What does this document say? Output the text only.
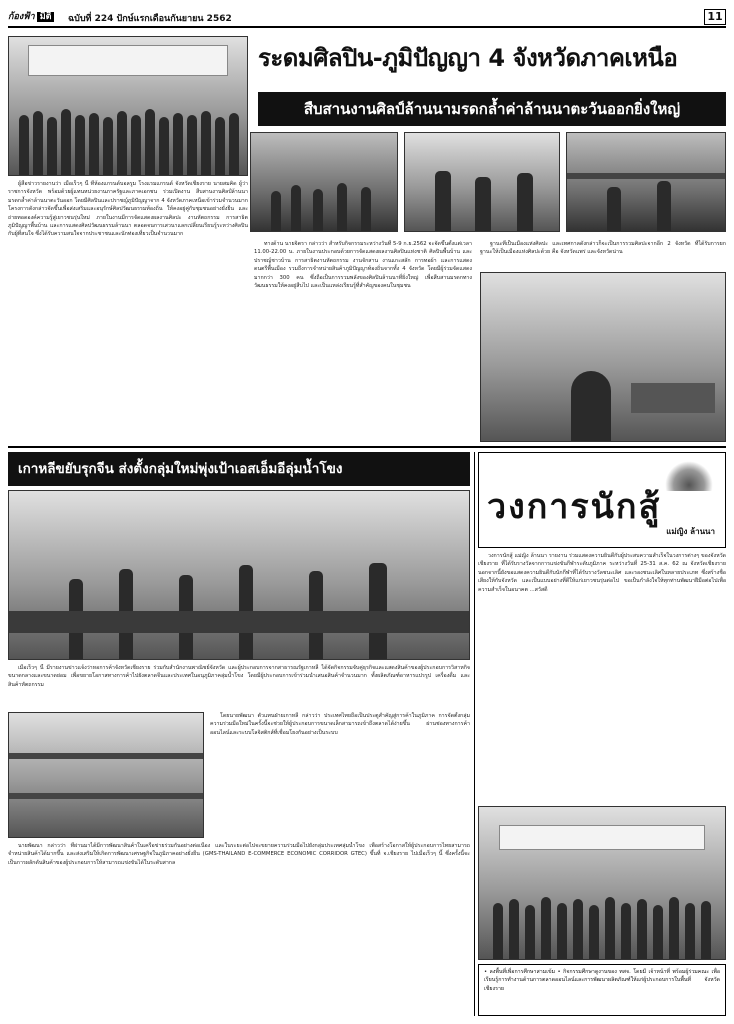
ก้องฟ้า มิติ	ฉบับที่ 224 ปักษ์แรกเดือนกันยายน 2562	11
ระดมศิลปิน-ภูมิปัญญา 4 จังหวัดภาคเหนือ
สืบสานงานศิลป์ล้านนามรดกล้ำค่าล้านนาตะวันออกยิ่งใหญ่

ผู้สื่อข่าวรายงานว่า เมื่อเร็วๆ นี้ ที่ห้องแกรนด์บอลรูม โรงแรมแกรนด์ จังหวัดเชียงราย นายสมคิด ผู้ว่าราชการจังหวัด พร้อมด้วยผู้แทนหน่วยงานภาครัฐและภาคเอกชน ร่วมเปิดงาน สืบสานงานศิลป์ล้านนา มรดกล้ำค่าล้านนาตะวันออก โดยมีศิลปินและปราชญ์ภูมิปัญญาจาก 4 จังหวัดภาคเหนือเข้าร่วมจำนวนมาก โครงการดังกล่าวจัดขึ้นเพื่อส่งเสริมและอนุรักษ์ศิลปวัฒนธรรมท้องถิ่น ให้คงอยู่คู่กับชุมชนอย่างยั่งยืน และถ่ายทอดองค์ความรู้สู่เยาวชนรุ่นใหม่ ภายในงานมีการจัดแสดงผลงานศิลปะ งานหัตถกรรม การสาธิตภูมิปัญญาพื้นบ้าน และการแสดงศิลปวัฒนธรรมล้านนา ตลอดจนการเสวนาแลกเปลี่ยนเรียนรู้ระหว่างศิลปินกับผู้ที่สนใจ ซึ่งได้รับความสนใจจากประชาชนและนักท่องเที่ยวเป็นจำนวนมาก

ทางด้าน นายจิตรา กล่าวว่า สำหรับกิจกรรมระหว่างวันที่ 5-9 ก.ย.2562 จะจัดขึ้นตั้งแต่เวลา 11.00-22.00 น. ภายในงานประกอบด้วยการจัดแสดงผลงานศิลปินแห่งชาติ ศิลปินพื้นบ้าน และปราชญ์ชาวบ้าน การสาธิตงานหัตถกรรม งานจักสาน งานแกะสลัก การทอผ้า และการแสดงดนตรีพื้นเมือง รวมถึงการจำหน่ายสินค้าภูมิปัญญาท้องถิ่นจากทั้ง 4 จังหวัด โดยมีผู้ร่วมจัดแสดงมากกว่า 300 คน ซึ่งถือเป็นการรวมพลังของศิลปินล้านนาที่ยิ่งใหญ่ เพื่อสืบสานมรดกทางวัฒนธรรมให้คงอยู่สืบไป และเป็นแหล่งเรียนรู้ที่สำคัญของคนในชุมชน

ฐานะที่เป็นเมืองแห่งศิลปะ และเทศกาลดังกล่าวก็จะเป็นการรวมศิลปะจากอีก 2 จังหวัด ที่ได้รับการยกฐานะให้เป็นเมืองแห่งศิลปะด้วย คือ จังหวัดแพร่ และจังหวัดน่าน

เกาหลีขยับรุกจีน ส่งตั้งกลุ่มใหม่พุ่งเป้าเอสเอ็มอีลุ่มน้ำโขง

เมื่อเร็วๆ นี้ มีรายงานข่าวแจ้งว่าหอการค้าจังหวัดเชียงราย ร่วมกับสำนักงานพาณิชย์จังหวัด และผู้ประกอบการจากสาธารณรัฐเกาหลี ได้จัดกิจกรรมจับคู่ธุรกิจและแสดงสินค้าของผู้ประกอบการวิสาหกิจขนาดกลางและขนาดย่อม เพื่อขยายโอกาสทางการค้าไปยังตลาดจีนและประเทศในอนุภูมิภาคลุ่มน้ำโขง โดยมีผู้ประกอบการเข้าร่วมนำเสนอสินค้าจำนวนมาก ทั้งผลิตภัณฑ์อาหารแปรรูป เครื่องดื่ม และสินค้าหัตถกรรม

โดยนายพัฒนา ตัวแทนฝ่ายเกาหลี กล่าวว่า ประเทศไทยถือเป็นประตูสำคัญสู่การค้าในภูมิภาค การจัดตั้งกลุ่มความร่วมมือใหม่ในครั้งนี้จะช่วยให้ผู้ประกอบการขนาดเล็กสามารถเข้าถึงตลาดได้ง่ายขึ้น ผ่านช่องทางการค้าออนไลน์และระบบโลจิสติกส์ที่เชื่อมโยงกันอย่างเป็นระบบ

นายพัฒนา กล่าวว่า ที่ผ่านมาได้มีการพัฒนาสินค้าในเครือข่ายร่วมกันอย่างต่อเนื่อง และในระยะต่อไปจะขยายความร่วมมือไปยังกลุ่มประเทศลุ่มน้ำโขง เพื่อสร้างโอกาสให้ผู้ประกอบการไทยสามารถจำหน่ายสินค้าได้มากขึ้น และส่งเสริมให้เกิดการพัฒนาเศรษฐกิจในภูมิภาคอย่างยั่งยืน (GMS-THAILAND E-COMMERCE ECONOMIC CORRIDOR GTEC) ขึ้นที่ จ.เชียงราย ไปเมื่อเร็วๆ นี้ ซึ่งครั้งนี้จะเป็นการผลักดันสินค้าของผู้ประกอบการให้สามารถแข่งขันได้ในระดับสากล

วงการนักสู้
แม่ญิง ล้านนา

วงการนักสู้ แม่ญิง ล้านนา รายงาน ร่วมแสดงความยินดีกับผู้ประสบความสำเร็จในวงการต่างๆ ของจังหวัดเชียงราย ที่ได้รับรางวัลจากการแข่งขันกีฬาระดับภูมิภาค ระหว่างวันที่ 25-31 ส.ค. 62 ณ จังหวัดเชียงราย นอกจากนี้ยังขอแสดงความยินดีกับนักกีฬาที่ได้รับรางวัลชนะเลิศ และรองชนะเลิศในหลายประเภท ซึ่งสร้างชื่อเสียงให้กับจังหวัด และเป็นแบบอย่างที่ดีให้แก่เยาวชนรุ่นต่อไป ขอเป็นกำลังใจให้ทุกท่านพัฒนาฝีมือต่อไปเพื่อความสำเร็จในอนาคต ...สวัสดี

• ลงพื้นที่เพื่อการศึกษาสามเข้ม • กิจกรรมศึกษาดูงานของ ทสจ. โดยมี เจ้าหน้าที่ พร้อมผู้ร่วมคณะ เพื่อเรียนรู้การทำงานด้านการตลาดออนไลน์และการพัฒนาผลิตภัณฑ์ให้แก่ผู้ประกอบการในพื้นที่ จังหวัดเชียงราย
